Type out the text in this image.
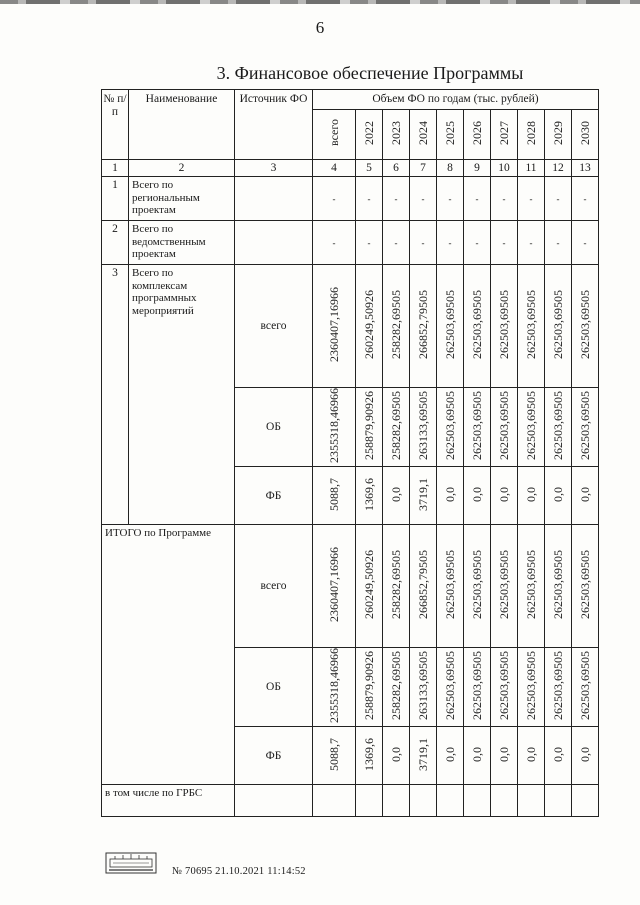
6
3. Финансовое обеспечение Программы
№ п/п	Наименование	Источник ФО	Объем ФО по годам (тыс. рублей)									
			всего	2022	2023	2024	2025	2026	2027	2028	2029	2030
1	2	3	4	5	6	7	8	9	10	11	12	13
1	Всего по региональным проектам		-	-	-	-	-	-	-	-	-	-
2	Всего по ведомственным проектам		-	-	-	-	-	-	-	-	-	-
3	Всего по комплексам программных мероприятий	всего	2360407,16966	260249,50926	258282,69505	266852,79505	262503,69505	262503,69505	262503,69505	262503,69505	262503,69505	262503,69505
		ОБ	2355318,46966	258879,90926	258282,69505	263133,69505	262503,69505	262503,69505	262503,69505	262503,69505	262503,69505	262503,69505
		ФБ	5088,7	1369,6	0,0	3719,1	0,0	0,0	0,0	0,0	0,0	0,0
ИТОГО по Программе		всего	2360407,16966	260249,50926	258282,69505	266852,79505	262503,69505	262503,69505	262503,69505	262503,69505	262503,69505	262503,69505
		ОБ	2355318,46966	258879,90926	258282,69505	263133,69505	262503,69505	262503,69505	262503,69505	262503,69505	262503,69505	262503,69505
		ФБ	5088,7	1369,6	0,0	3719,1	0,0	0,0	0,0	0,0	0,0	0,0
в том числе по ГРБС												
№ 70695 21.10.2021 11:14:52
